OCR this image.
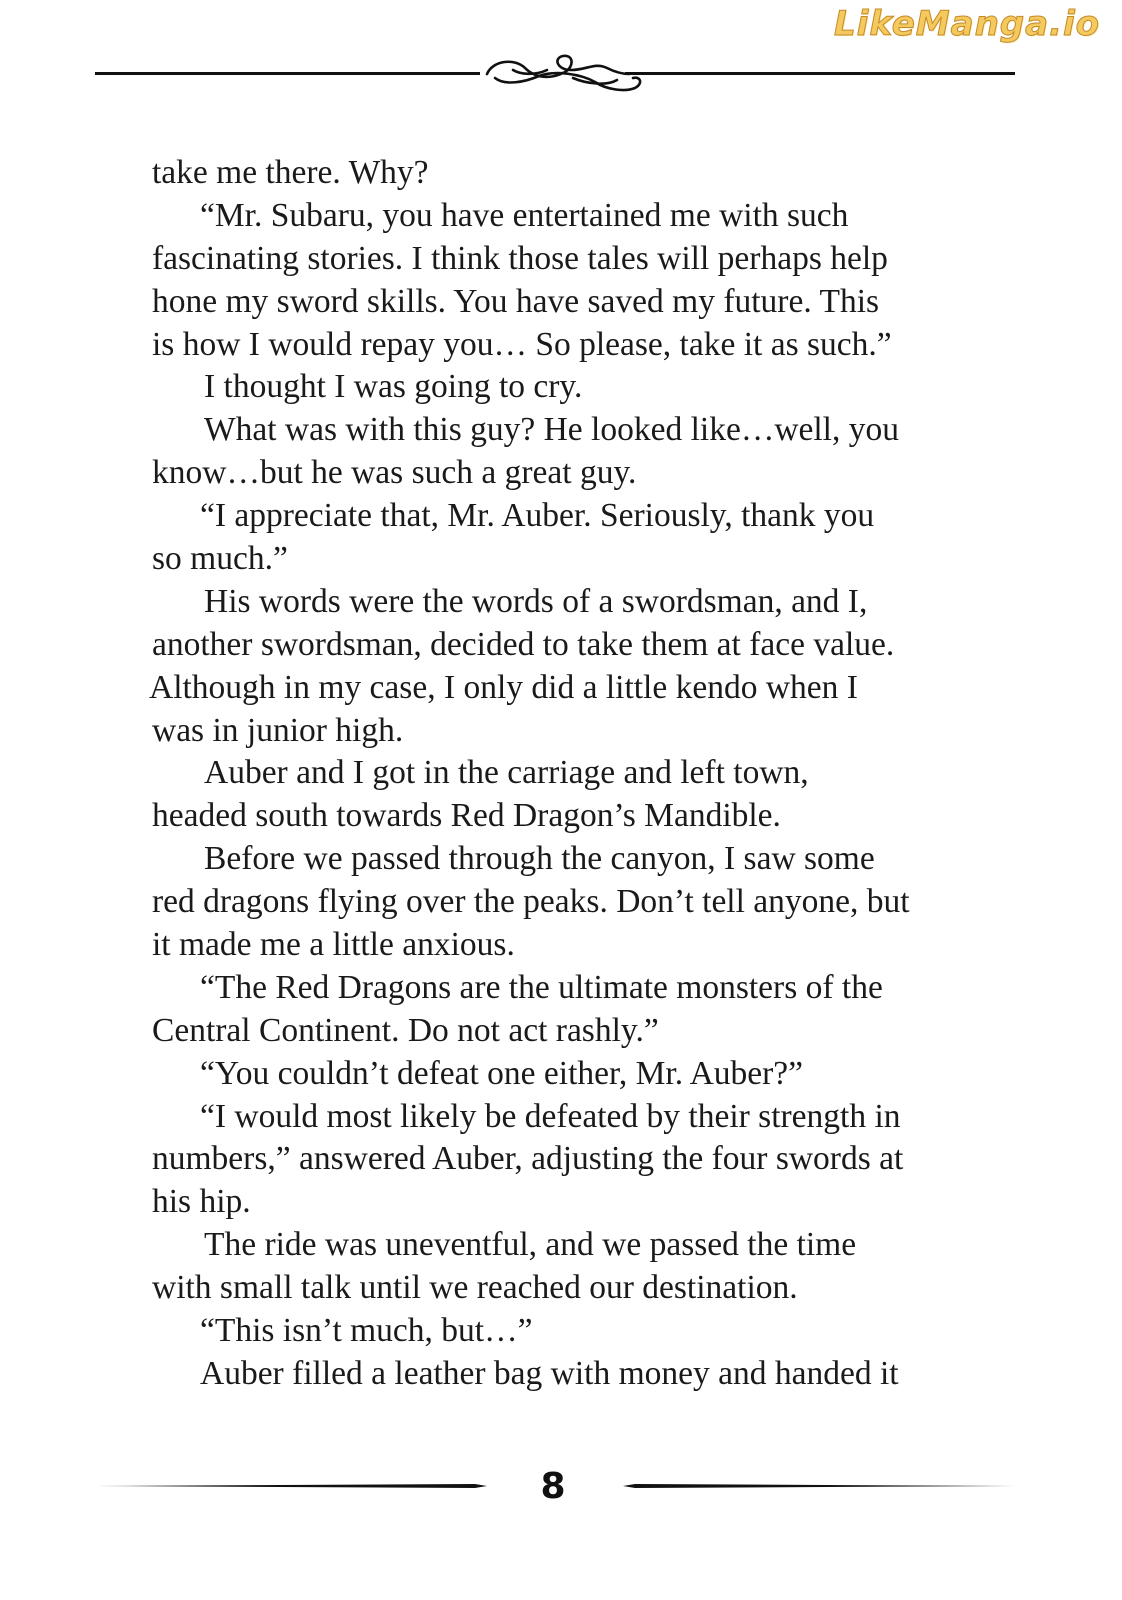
LikeManga.io
take me there. Why?
“Mr. Subaru, you have entertained me with such
fascinating stories. I think those tales will perhaps help
hone my sword skills. You have saved my future. This
is how I would repay you… So please, take it as such.”
I thought I was going to cry.
What was with this guy? He looked like…well, you
know…but he was such a great guy.
“I appreciate that, Mr. Auber. Seriously, thank you
so much.”
His words were the words of a swordsman, and I,
another swordsman, decided to take them at face value.
Although in my case, I only did a little kendo when I
was in junior high.
Auber and I got in the carriage and left town,
headed south towards Red Dragon’s Mandible.
Before we passed through the canyon, I saw some
red dragons flying over the peaks. Don’t tell anyone, but
it made me a little anxious.
“The Red Dragons are the ultimate monsters of the
Central Continent. Do not act rashly.”
“You couldn’t defeat one either, Mr. Auber?”
“I would most likely be defeated by their strength in
numbers,” answered Auber, adjusting the four swords at
his hip.
The ride was uneventful, and we passed the time
with small talk until we reached our destination.
“This isn’t much, but…”
Auber filled a leather bag with money and handed it
8
